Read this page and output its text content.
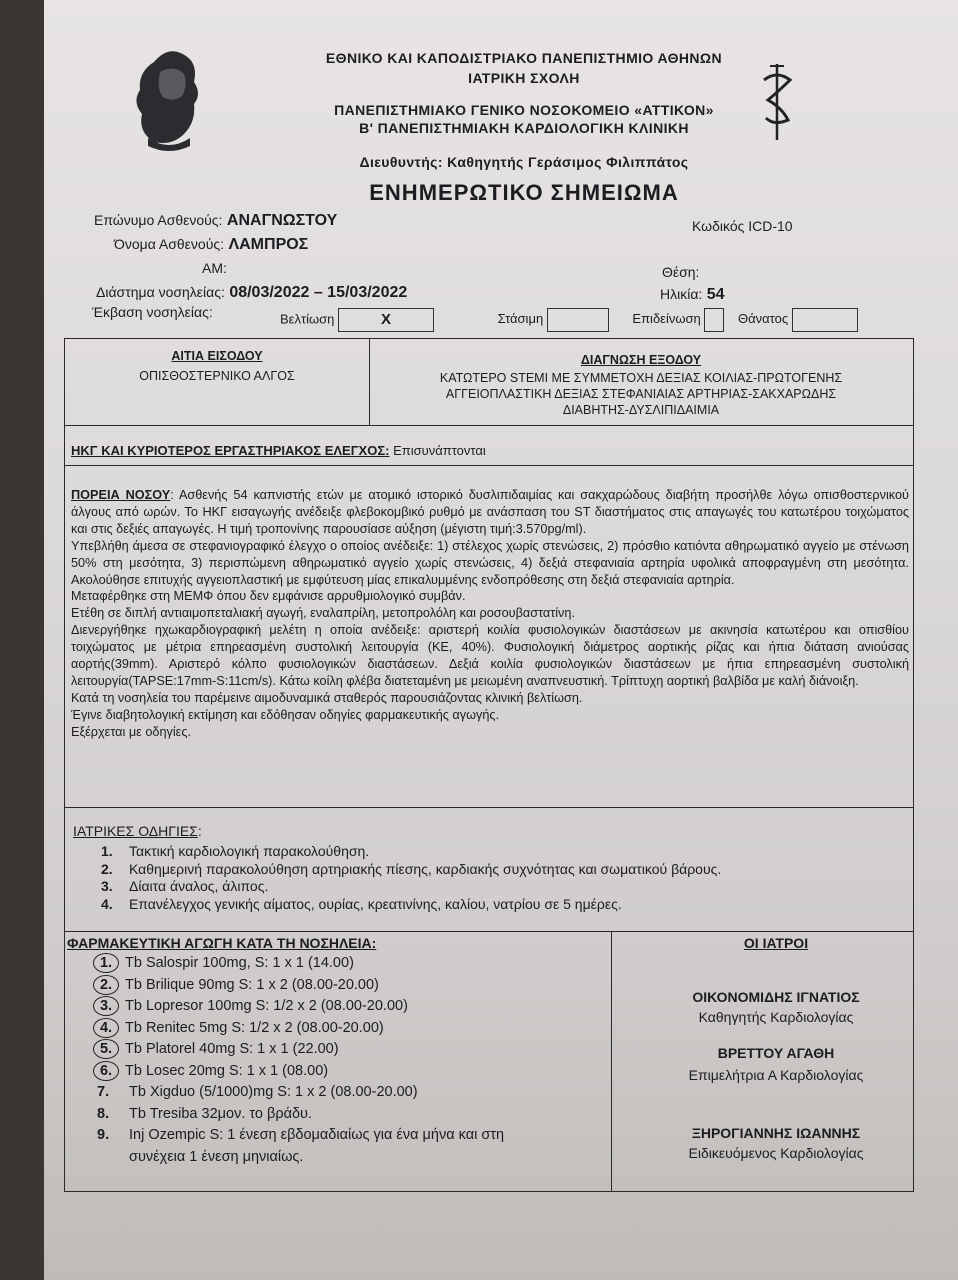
ΕΘΝΙΚΟ ΚΑΙ ΚΑΠΟΔΙΣΤΡΙΑΚΟ ΠΑΝΕΠΙΣΤΗΜΙΟ ΑΘΗΝΩΝ
ΙΑΤΡΙΚΗ ΣΧΟΛΗ
ΠΑΝΕΠΙΣΤΗΜΙΑΚΟ ΓΕΝΙΚΟ ΝΟΣΟΚΟΜΕΙΟ «ΑΤΤΙΚΟΝ»
Β' ΠΑΝΕΠΙΣΤΗΜΙΑΚΗ ΚΑΡΔΙΟΛΟΓΙΚΗ ΚΛΙΝΙΚΗ
Διευθυντής: Καθηγητής Γεράσιμος Φιλιππάτος
ΕΝΗΜΕΡΩΤΙΚΟ ΣΗΜΕΙΩΜΑ
Επώνυμο Ασθενούς: ΑΝΑΓΝΩΣΤΟΥ	Κωδικός ICD-10
Όνομα Ασθενούς: ΛΑΜΠΡΟΣ
ΑΜ:	Θέση:
Διάστημα νοσηλείας: 08/03/2022 – 15/03/2022	Ηλικία: 54
Έκβαση νοσηλείας:	Βελτίωση	X	Στάσιμη	Επιδείνωση	Θάνατος
ΑΙΤΙΑ ΕΙΣΟΔΟΥ
ΟΠΙΣΘΟΣΤΕΡΝΙΚΟ ΑΛΓΟΣ
ΔΙΑΓΝΩΣΗ ΕΞΟΔΟΥ
ΚΑΤΩΤΕΡΟ STEMI ΜΕ ΣΥΜΜΕΤΟΧΗ ΔΕΞΙΑΣ ΚΟΙΛΙΑΣ-ΠΡΩΤΟΓΕΝΗΣ
ΑΓΓΕΙΟΠΛΑΣΤΙΚΗ ΔΕΞΙΑΣ ΣΤΕΦΑΝΙΑΙΑΣ ΑΡΤΗΡΙΑΣ-ΣΑΚΧΑΡΩΔΗΣ
ΔΙΑΒΗΤΗΣ-ΔΥΣΛΙΠΙΔΑΙΜΙΑ
ΗΚΓ ΚΑΙ ΚΥΡΙΟΤΕΡΟΣ ΕΡΓΑΣΤΗΡΙΑΚΟΣ ΕΛΕΓΧΟΣ: Επισυνάπτονται

ΠΟΡΕΙΑ ΝΟΣΟΥ: Ασθενής 54 καπνιστής ετών με ατομικό ιστορικό δυσλιπιδαιμίας και σακχαρώδους διαβήτη προσήλθε λόγω οπισθοστερνικού άλγους από ωρών. Το ΗΚΓ εισαγωγής ανέδειξε φλεβοκομβικό ρυθμό με ανάσπαση του ST διαστήματος στις απαγωγές του κατωτέρου τοιχώματος και στις δεξιές απαγωγές. Η τιμή τροπονίνης παρουσίασε αύξηση (μέγιστη τιμή:3.570pg/ml).

Υπεβλήθη άμεσα σε στεφανιογραφικό έλεγχο ο οποίος ανέδειξε: 1) στέλεχος χωρίς στενώσεις, 2) πρόσθιο κατιόντα αθηρωματικό αγγείο με στένωση 50% στη μεσότητα, 3) περισπώμενη αθηρωματικό αγγείο χωρίς στενώσεις, 4) δεξιά στεφανιαία αρτηρία υφολικά αποφραγμένη στη μεσότητα. Ακολούθησε επιτυχής αγγειοπλαστική με εμφύτευση μίας επικαλυμμένης ενδοπρόθεσης στη δεξιά στεφανιαία αρτηρία.

Μεταφέρθηκε στη ΜΕΜΦ όπου δεν εμφάνισε αρρυθμιολογικό συμβάν.

Ετέθη σε διπλή αντιαιμοπεταλιακή αγωγή, εναλαπρίλη, μετοπρολόλη και ροσουβαστατίνη.

Διενεργήθηκε ηχωκαρδιογραφική μελέτη η οποία ανέδειξε: αριστερή κοιλία φυσιολογικών διαστάσεων με ακινησία κατωτέρου και οπισθίου τοιχώματος με μέτρια επηρεασμένη συστολική λειτουργία (ΚΕ, 40%). Φυσιολογική διάμετρος αορτικής ρίζας και ήπια διάταση ανιούσας αορτής(39mm). Αριστερό κόλπο φυσιολογικών διαστάσεων. Δεξιά κοιλία φυσιολογικών διαστάσεων με ήπια επηρεασμένη συστολική λειτουργία(TAPSE:17mm-S:11cm/s). Κάτω κοίλη φλέβα διατεταμένη με μειωμένη αναπνευστική. Τρίπτυχη αορτική βαλβίδα με καλή διάνοιξη.

Κατά τη νοσηλεία του παρέμεινε αιμοδυναμικά σταθερός παρουσιάζοντας κλινική βελτίωση.

Έγινε διαβητολογική εκτίμηση και εδόθησαν οδηγίες φαρμακευτικής αγωγής.

Εξέρχεται με οδηγίες.

ΙΑΤΡΙΚΕΣ ΟΔΗΓΙΕΣ:
1. Τακτική καρδιολογική παρακολούθηση.
2. Καθημερινή παρακολούθηση αρτηριακής πίεσης, καρδιακής συχνότητας και σωματικού βάρους.
3. Δίαιτα άναλος, άλιπος.
4. Επανέλεγχος γενικής αίματος, ουρίας, κρεατινίνης, καλίου, νατρίου σε 5 ημέρες.
ΦΑΡΜΑΚΕΥΤΙΚΗ ΑΓΩΓΗ ΚΑΤΑ ΤΗ ΝΟΣΗΛΕΙΑ:
1. Tb Salospir 100mg, S: 1 x 1 (14.00)
2. Tb Brilique 90mg S: 1 x 2 (08.00-20.00)
3. Tb Lopresor 100mg S: 1/2 x 2 (08.00-20.00)
4. Tb Renitec 5mg S: 1/2 x 2 (08.00-20.00)
5. Tb Platorel 40mg S: 1 x 1 (22.00)
6. Tb Losec 20mg S: 1 x 1 (08.00)
7. Tb Xigduo (5/1000)mg S: 1 x 2 (08.00-20.00)
8. Tb Tresiba 32μον. το βράδυ.
9. Inj Ozempic S: 1 ένεση εβδομαδιαίως για ένα μήνα και στη
συνέχεια 1 ένεση μηνιαίως.
ΟΙ ΙΑΤΡΟΙ
ΟΙΚΟΝΟΜΙΔΗΣ ΙΓΝΑΤΙΟΣ
Καθηγητής Καρδιολογίας
ΒΡΕΤΤΟΥ ΑΓΑΘΗ
Επιμελήτρια Α Καρδιολογίας
ΞΗΡΟΓΙΑΝΝΗΣ ΙΩΑΝΝΗΣ
Ειδικευόμενος Καρδιολογίας
